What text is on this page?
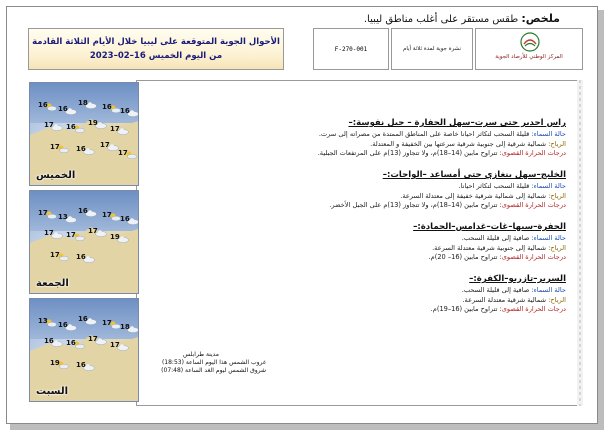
الأحوال الجوية المتوقعة على ليبيا خلال الأيام الثلاثة القادمة
من اليوم الخميس 16–02–2023
F-270-001	نشرة جوية لمدة ثلاثة أيام
المركز الوطني للأرصاد الجوية
ملخص: طقس مستقر على أغلب مناطق ليبيا.
راس اجدير حتى سرت–سهل الجفارة – جبل نفوسة:–
حالة السماء: قليلة السحب لتكاثر احيانا خاصة على المناطق الممتدة من مصراته إلى سرت.
الرياح: شمالية شرقية إلى جنوبية شرقية سرعتها بين الخفيفة و المعتدلة.
درجات الحرارة القصوى: تتراوح مابين (14–18)م، ولا تتجاوز (13)م على المرتفعات الجبلية.
الخليج–سهل بنغازي حتى أمساعد –الواحات:–
حالة السماء: قليلة السحب لتكاثر احيانا.
الرياح: شمالية إلى شمالية شرقية خفيفة إلى معتدلة السرعة.
درجات الحرارة القصوى: تتراوح مابين (14–18)م، ولا تتجاوز (13)م على الجبل الأخضر.
الجفرة–سبها–غات–غدامس–الحمادة:–
حالة السماء: صافية إلى قليلة السحب.
الرياح: شمالية إلى جنوبية شرقية معتدلة السرعة.
درجات الحرارة القصوى: تتراوح مابين (16– 20)م.
السرير–تازربو–الكفرة:–
حالة السماء: صافية إلى قليلة السحب.
الرياح: شمالية شرقية معتدلة السرعة.
درجات الحرارة القصوى: تتراوح مابين (16–19)م.
مدينة طرابلس
غروب الشمس هذا اليوم الساعة (18:53)
شروق الشمس ليوم الغد الساعة (07:48)
الخميس
16 16
18 16 16
17 16 19
17
17 16 17
17
الجمعة
17 13
16 17 16
17 17 17
19
17 16
السبت
13 16
16 17 18
16 16 17
17
19 16
